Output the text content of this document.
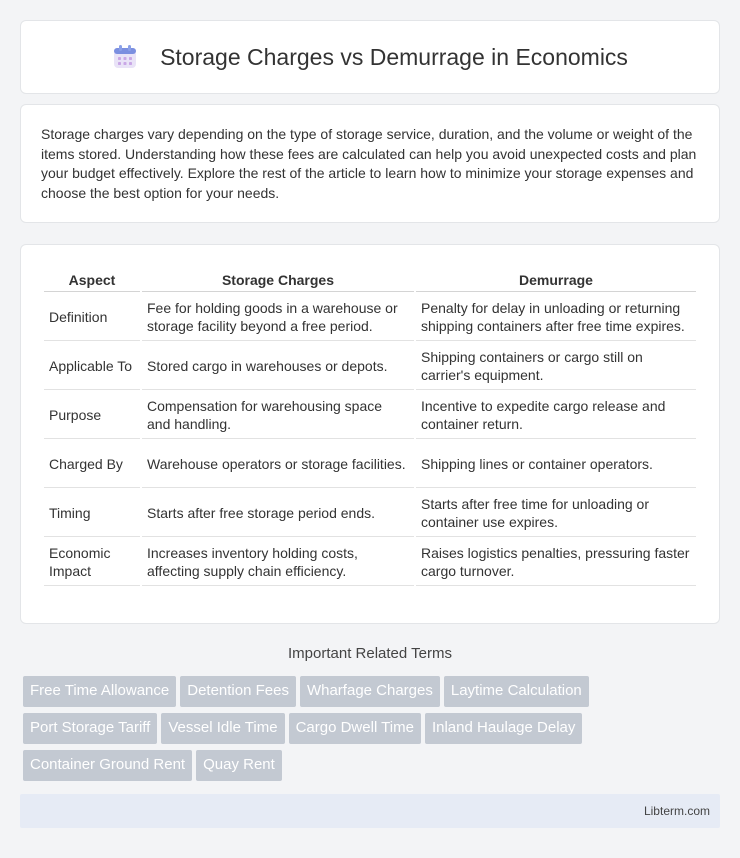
Storage Charges vs Demurrage in Economics

Storage charges vary depending on the type of storage service, duration, and the volume or weight of the items stored. Understanding how these fees are calculated can help you avoid unexpected costs and plan your budget effectively. Explore the rest of the article to learn how to minimize your storage expenses and choose the best option for your needs.

Aspect	Storage Charges	Demurrage
Definition	Fee for holding goods in a warehouse or storage facility beyond a free period.	Penalty for delay in unloading or returning shipping containers after free time expires.
Applicable To	Stored cargo in warehouses or depots.	Shipping containers or cargo still on carrier's equipment.
Purpose	Compensation for warehousing space and handling.	Incentive to expedite cargo release and container return.
Charged By	Warehouse operators or storage facilities.	Shipping lines or container operators.
Timing	Starts after free storage period ends.	Starts after free time for unloading or container use expires.
Economic Impact	Increases inventory holding costs, affecting supply chain efficiency.	Raises logistics penalties, pressuring faster cargo turnover.
Important Related Terms
Free Time Allowance Detention Fees Wharfage Charges Laytime Calculation
Port Storage Tariff Vessel Idle Time Cargo Dwell Time Inland Haulage Delay
Container Ground Rent Quay Rent
Libterm.com
